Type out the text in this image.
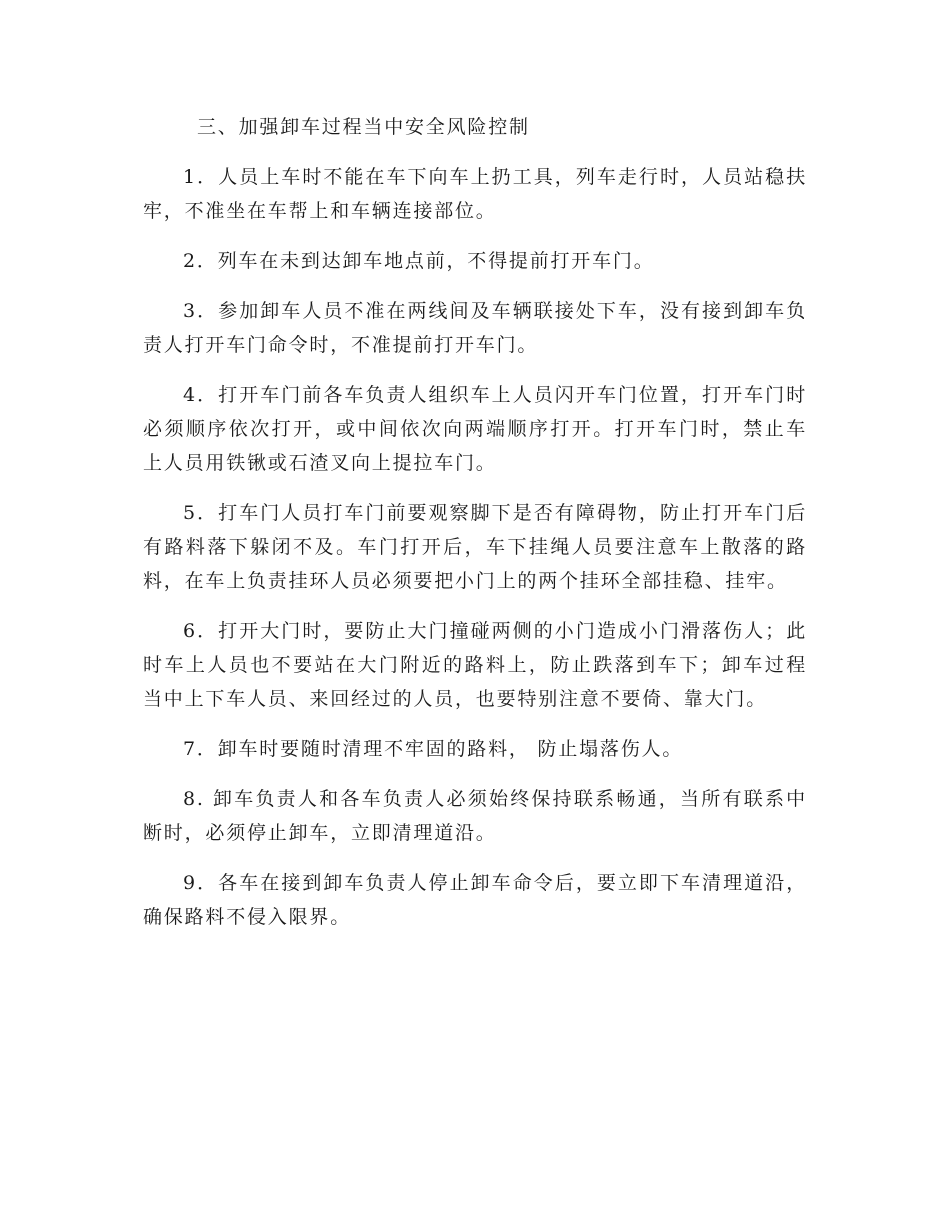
三、加强卸车过程当中安全风险控制

1．人员上车时不能在车下向车上扔工具，列车走行时，人员站稳扶牢，不准坐在车帮上和车辆连接部位。

2．列车在未到达卸车地点前，不得提前打开车门。

3．参加卸车人员不准在两线间及车辆联接处下车，没有接到卸车负责人打开车门命令时，不准提前打开车门。

4．打开车门前各车负责人组织车上人员闪开车门位置，打开车门时必须顺序依次打开，或中间依次向两端顺序打开。打开车门时，禁止车上人员用铁锹或石渣叉向上提拉车门。

5．打车门人员打车门前要观察脚下是否有障碍物，防止打开车门后有路料落下躲闭不及。车门打开后，车下挂绳人员要注意车上散落的路料，在车上负责挂环人员必须要把小门上的两个挂环全部挂稳、挂牢。

6．打开大门时，要防止大门撞碰两侧的小门造成小门滑落伤人；此时车上人员也不要站在大门附近的路料上，防止跌落到车下；卸车过程当中上下车人员、来回经过的人员，也要特别注意不要倚、靠大门。

7．卸车时要随时清理不牢固的路料， 防止塌落伤人。

8. 卸车负责人和各车负责人必须始终保持联系畅通，当所有联系中断时，必须停止卸车，立即清理道沿。

9．各车在接到卸车负责人停止卸车命令后，要立即下车清理道沿，确保路料不侵入限界。
